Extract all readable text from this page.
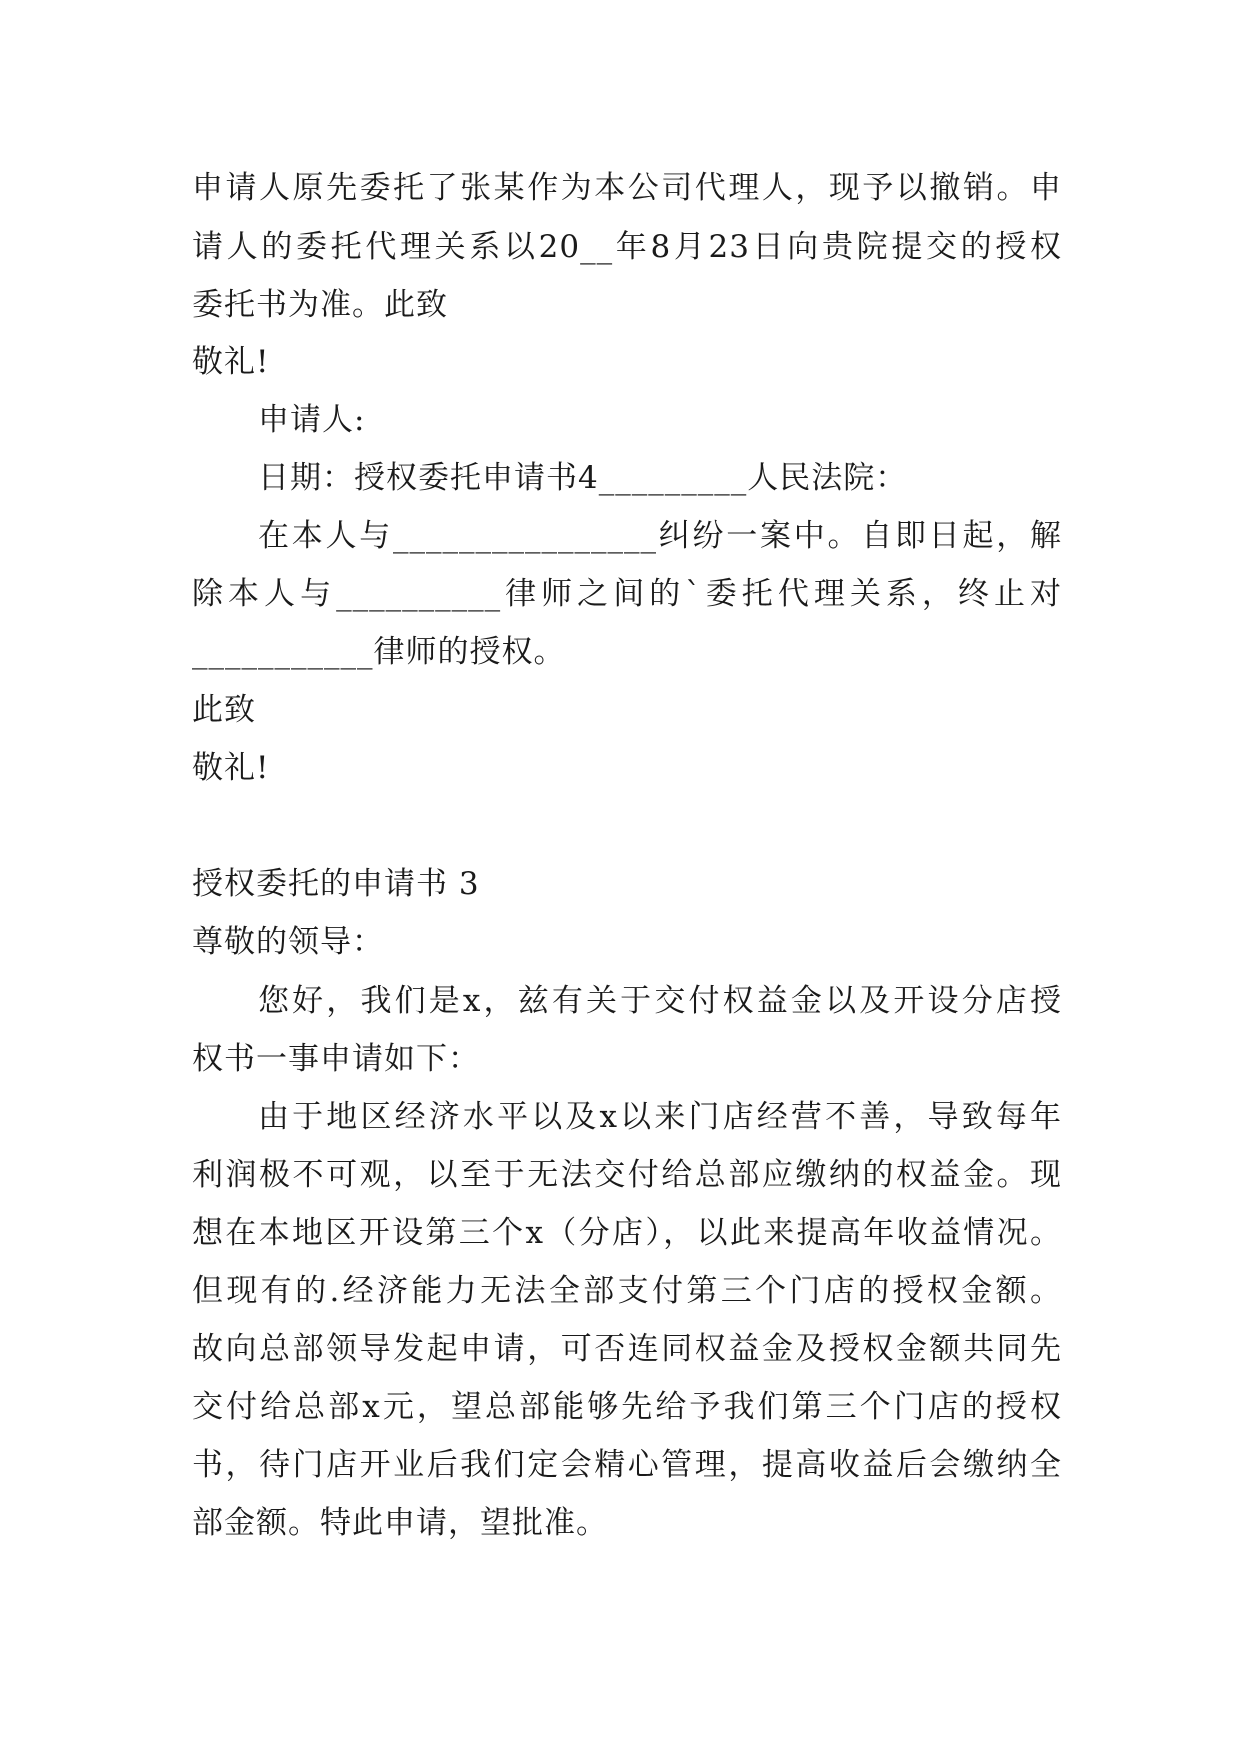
申请人原先委托了张某作为本公司代理人，现予以撤销。申
请人的委托代理关系以20__年8月23日向贵院提交的授权
委托书为准。此致
敬礼!
申请人:
日期：授权委托申请书4_________人民法院：
在本人与________________纠纷一案中。自即日起，解
除本人与__________律师之间的`委托代理关系，终止对
___________律师的授权。
此致
敬礼!
授权委托的申请书 3
尊敬的领导：
您好，我们是x，兹有关于交付权益金以及开设分店授
权书一事申请如下：
由于地区经济水平以及x以来门店经营不善，导致每年
利润极不可观，以至于无法交付给总部应缴纳的权益金。现
想在本地区开设第三个x（分店），以此来提高年收益情况。
但现有的.经济能力无法全部支付第三个门店的授权金额。
故向总部领导发起申请，可否连同权益金及授权金额共同先
交付给总部x元，望总部能够先给予我们第三个门店的授权
书，待门店开业后我们定会精心管理，提高收益后会缴纳全
部金额。特此申请，望批准。
